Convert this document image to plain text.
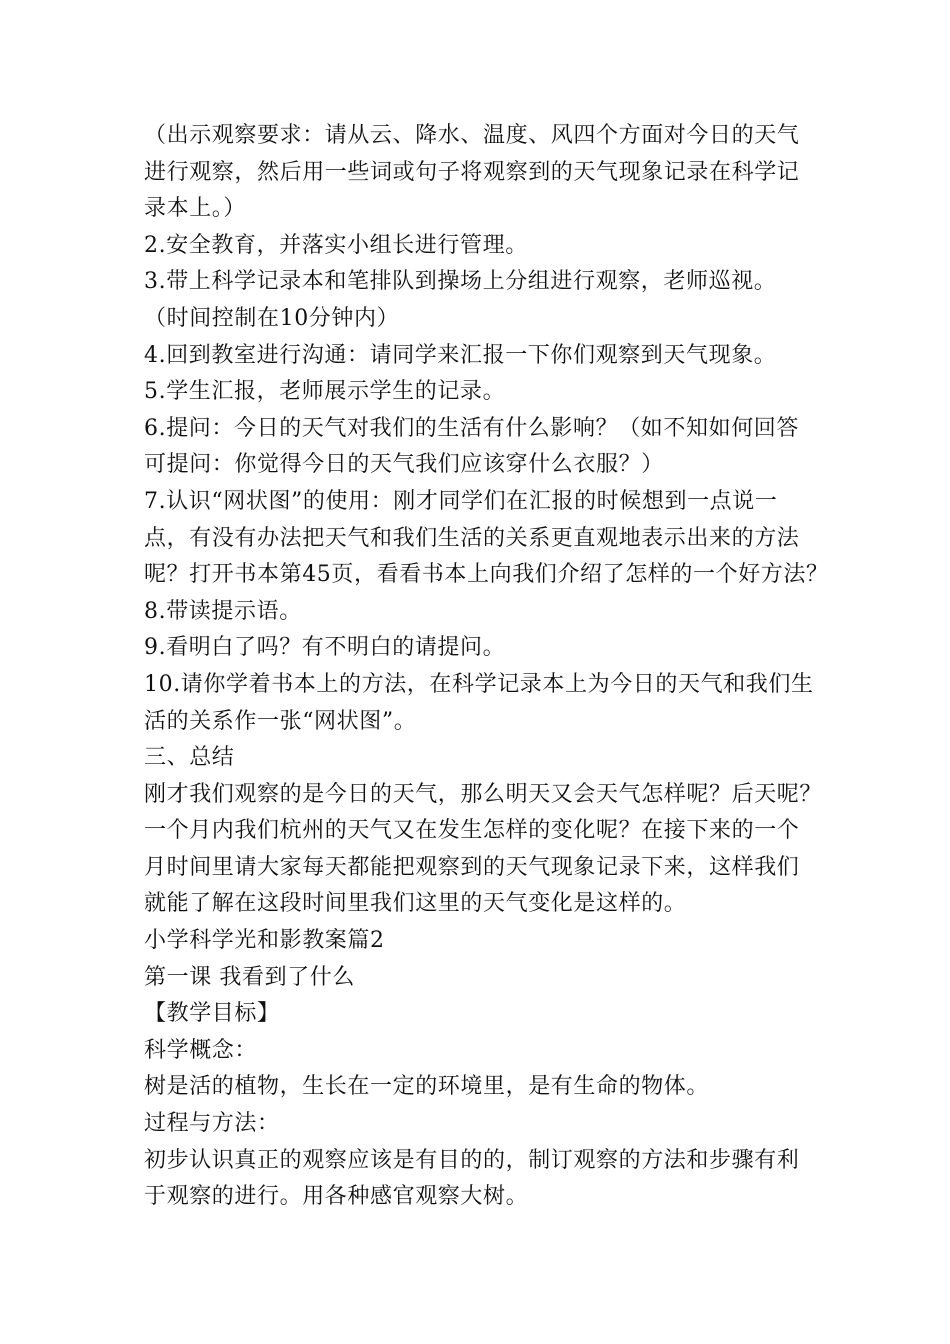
（出示观察要求：请从云、降水、温度、风四个方面对今日的天气
进行观察，然后用一些词或句子将观察到的天气现象记录在科学记
录本上。）
2.安全教育，并落实小组长进行管理。
3.带上科学记录本和笔排队到操场上分组进行观察，老师巡视。
（时间控制在10分钟内）
4.回到教室进行沟通：请同学来汇报一下你们观察到天气现象。
5.学生汇报，老师展示学生的记录。
6.提问：今日的天气对我们的生活有什么影响？（如不知如何回答
可提问：你觉得今日的天气我们应该穿什么衣服？）
7.认识“网状图”的使用：刚才同学们在汇报的时候想到一点说一
点，有没有办法把天气和我们生活的关系更直观地表示出来的方法
呢？打开书本第45页，看看书本上向我们介绍了怎样的一个好方法？
8.带读提示语。
9.看明白了吗？有不明白的请提问。
10.请你学着书本上的方法，在科学记录本上为今日的天气和我们生
活的关系作一张“网状图”。
三、总结
刚才我们观察的是今日的天气，那么明天又会天气怎样呢？后天呢？
一个月内我们杭州的天气又在发生怎样的变化呢？在接下来的一个
月时间里请大家每天都能把观察到的天气现象记录下来，这样我们
就能了解在这段时间里我们这里的天气变化是这样的。
小学科学光和影教案篇2
第一课 我看到了什么
【教学目标】
科学概念：
树是活的植物，生长在一定的环境里，是有生命的物体。
过程与方法：
初步认识真正的观察应该是有目的的，制订观察的方法和步骤有利
于观察的进行。用各种感官观察大树。
